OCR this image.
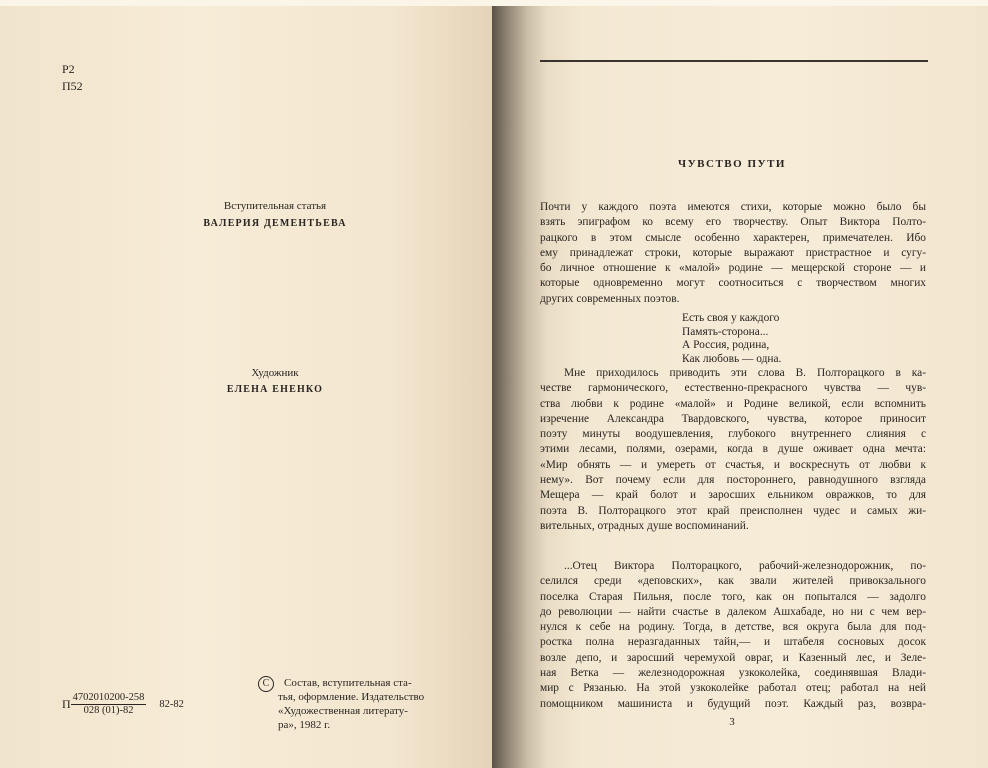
Р2
П52
Вступительная статья
ВАЛЕРИЯ ДЕМЕНТЬЕВА
Художник
ЕЛЕНА ЕНЕНКО
П $\frac{4702010200-258}{028 (01)-82} 82-82$
C	Состав, вступительная ста-
тья, оформление. Издательство
«Художественная литерату-
ра», 1982 г.
ЧУВСТВО ПУТИ
Почти у каждого поэта имеются стихи, которые можно было бы
взять эпиграфом ко всему его творчеству. Опыт Виктора Полто-
рацкого в этом смысле особенно характерен, примечателен. Ибо
ему принадлежат строки, которые выражают пристрастное и сугу-
бо личное отношение к «малой» родине — мещерской стороне — и
которые одновременно могут соотноситься с творчеством многих
других современных поэтов.
Есть своя у каждого
Память-сторона...
А Россия, родина,
Как любовь — одна.
Мне приходилось приводить эти слова В. Полторацкого в ка-
честве гармонического, естественно-прекрасного чувства — чув-
ства любви к родине «малой» и Родине великой, если вспомнить
изречение Александра Твардовского, чувства, которое приносит
поэту минуты воодушевления, глубокого внутреннего слияния с
этими лесами, полями, озерами, когда в душе оживает одна мечта:
«Мир обнять — и умереть от счастья, и воскреснуть от любви к
нему». Вот почему если для постороннего, равнодушного взгляда
Мещера — край болот и заросших ельником овражков, то для
поэта В. Полторацкого этот край преисполнен чудес и самых жи-
вительных, отрадных душе воспоминаний.
...Отец Виктора Полторацкого, рабочий-железнодорожник, по-
селился среди «деповских», как звали жителей привокзального
поселка Старая Пильня, после того, как он попытался — задолго
до революции — найти счастье в далеком Ашхабаде, но ни с чем вер-
нулся к себе на родину. Тогда, в детстве, вся округа была для под-
ростка полна неразгаданных тайн,— и штабеля сосновых досок
возле депо, и заросший черемухой овраг, и Казенный лес, и Зеле-
ная Ветка — железнодорожная узкоколейка, соединявшая Влади-
мир с Рязанью. На этой узкоколейке работал отец; работал на ней
помощником машиниста и будущий поэт. Каждый раз, возвра-
3
